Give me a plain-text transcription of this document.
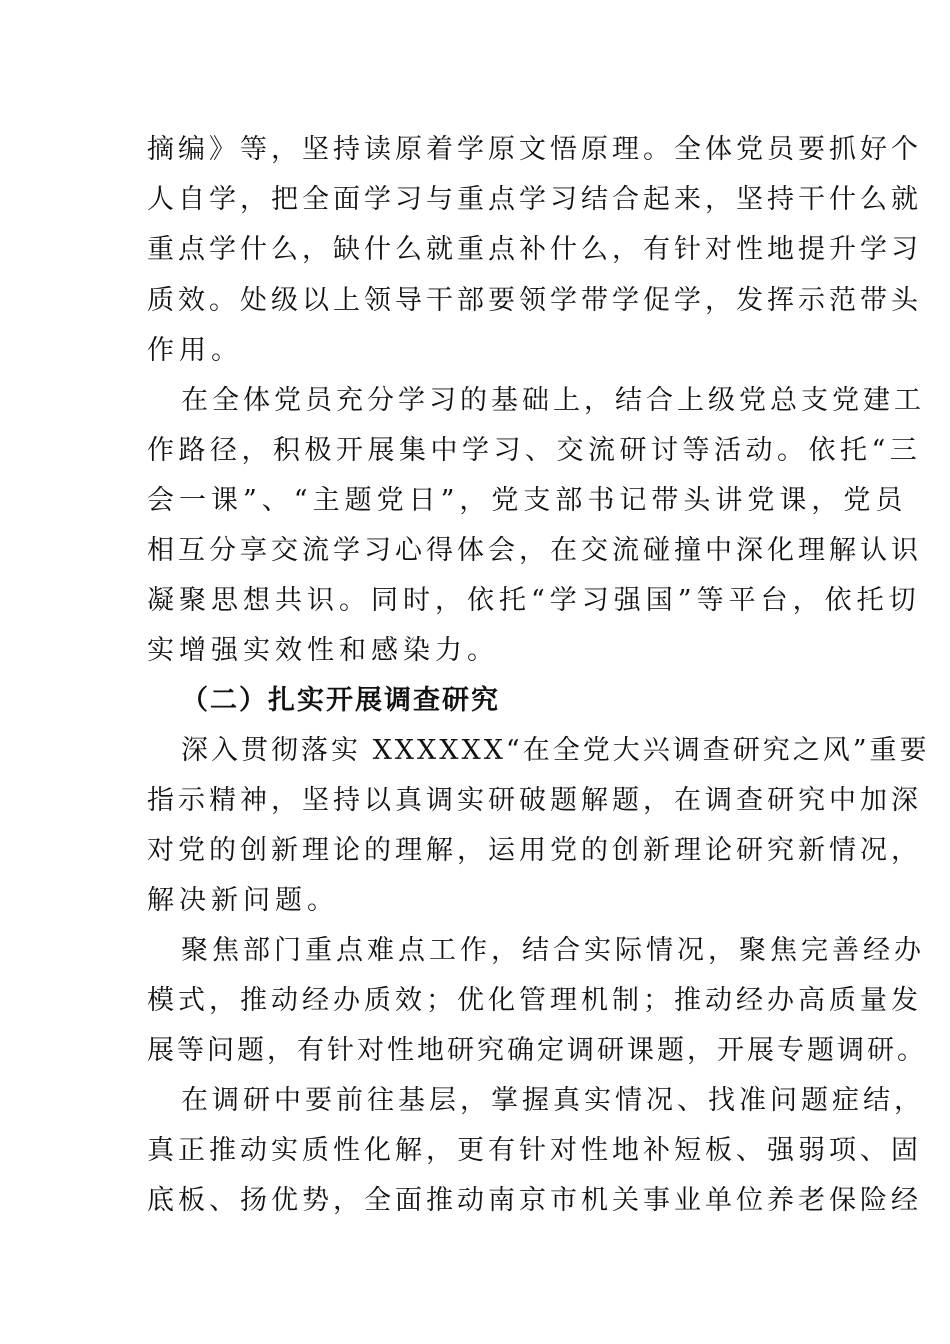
摘编》等，坚持读原着学原文悟原理。全体党员要抓好个
人自学，把全面学习与重点学习结合起来，坚持干什么就
重点学什么，缺什么就重点补什么，有针对性地提升学习
质效。处级以上领导干部要领学带学促学，发挥示范带头
作用。
在全体党员充分学习的基础上，结合上级党总支党建工
作路径，积极开展集中学习、交流研讨等活动。依托“三
会一课”、“主题党日”，党支部书记带头讲党课，党员
相互分享交流学习心得体会，在交流碰撞中深化理解认识
凝聚思想共识。同时，依托“学习强国”等平台，依托切
实增强实效性和感染力。
（二）扎实开展调查研究
深入贯彻落实 XXXXXX“在全党大兴调查研究之风”重要
指示精神，坚持以真调实研破题解题，在调查研究中加深
对党的创新理论的理解，运用党的创新理论研究新情况，
解决新问题。
聚焦部门重点难点工作，结合实际情况，聚焦完善经办
模式，推动经办质效；优化管理机制；推动经办高质量发
展等问题，有针对性地研究确定调研课题，开展专题调研。
在调研中要前往基层，掌握真实情况、找准问题症结，
真正推动实质性化解，更有针对性地补短板、强弱项、固
底板、扬优势，全面推动南京市机关事业单位养老保险经
